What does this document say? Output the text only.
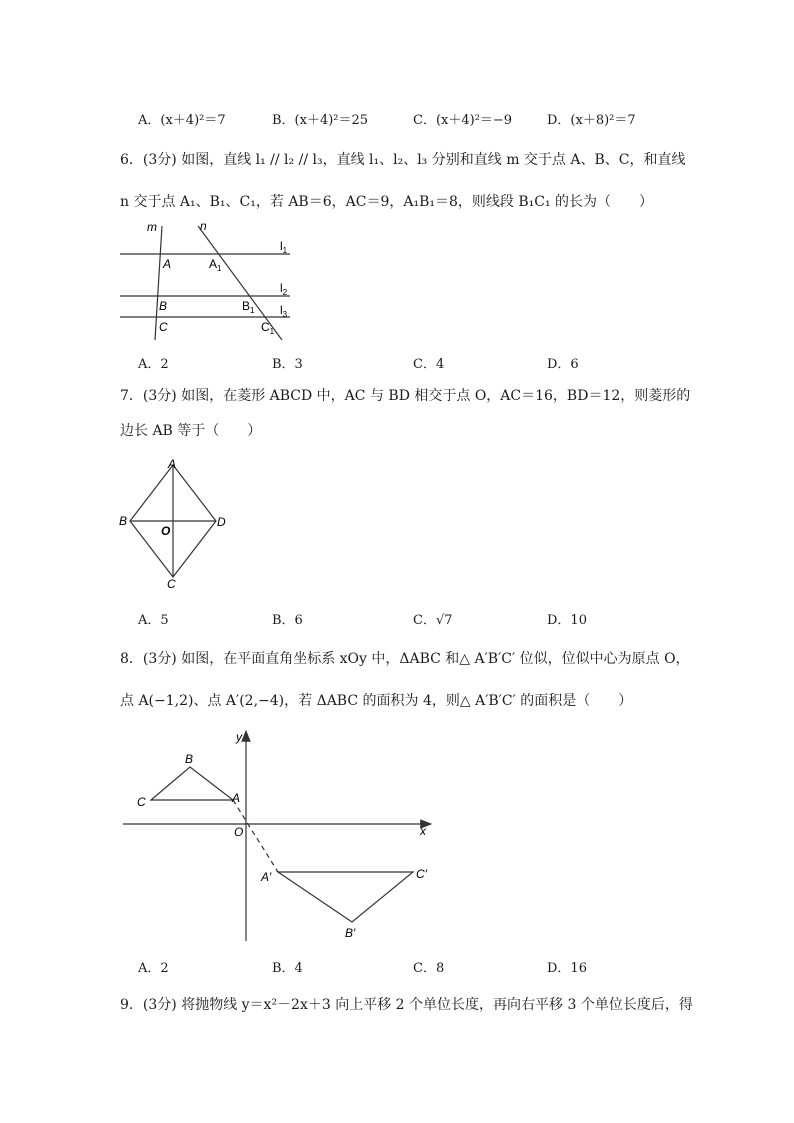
A．(x＋4)²＝7	B．(x＋4)²＝25	C．(x＋4)²＝−9	D．(x＋8)²＝7
6．(3分) 如图，直线 l₁ // l₂ // l₃，直线 l₁、l₂、l₃ 分别和直线 m 交于点 A、B、C，和直线
n 交于点 A₁、B₁、C₁，若 AB＝6，AC＝9，A₁B₁＝8，则线段 B₁C₁ 的长为（　　）
m	n
A
B
C
$A_1$
$B_1$
$C_1$
$l_1$
$l_2$
$l_3$
A．2	B．3	C．4	D．6
7．(3分) 如图，在菱形 ABCD 中，AC 与 BD 相交于点 O，AC＝16，BD＝12，则菱形的
边长 AB 等于（　　）
A
B
C
D
O
A．5	B．6	C．√7	D．10
8．(3分) 如图，在平面直角坐标系 xOy 中，ΔABC 和△ A′B′C′ 位似，位似中心为原点 O，
点 A(−1,2)、点 A′(2,−4)，若 ΔABC 的面积为 4，则△ A′B′C′ 的面积是（　　）
y
x
O
B
C	A
A′	C′
B′
A．2	B．4	C．8	D．16
9．(3分) 将抛物线 y＝x²－2x＋3 向上平移 2 个单位长度，再向右平移 3 个单位长度后，得
